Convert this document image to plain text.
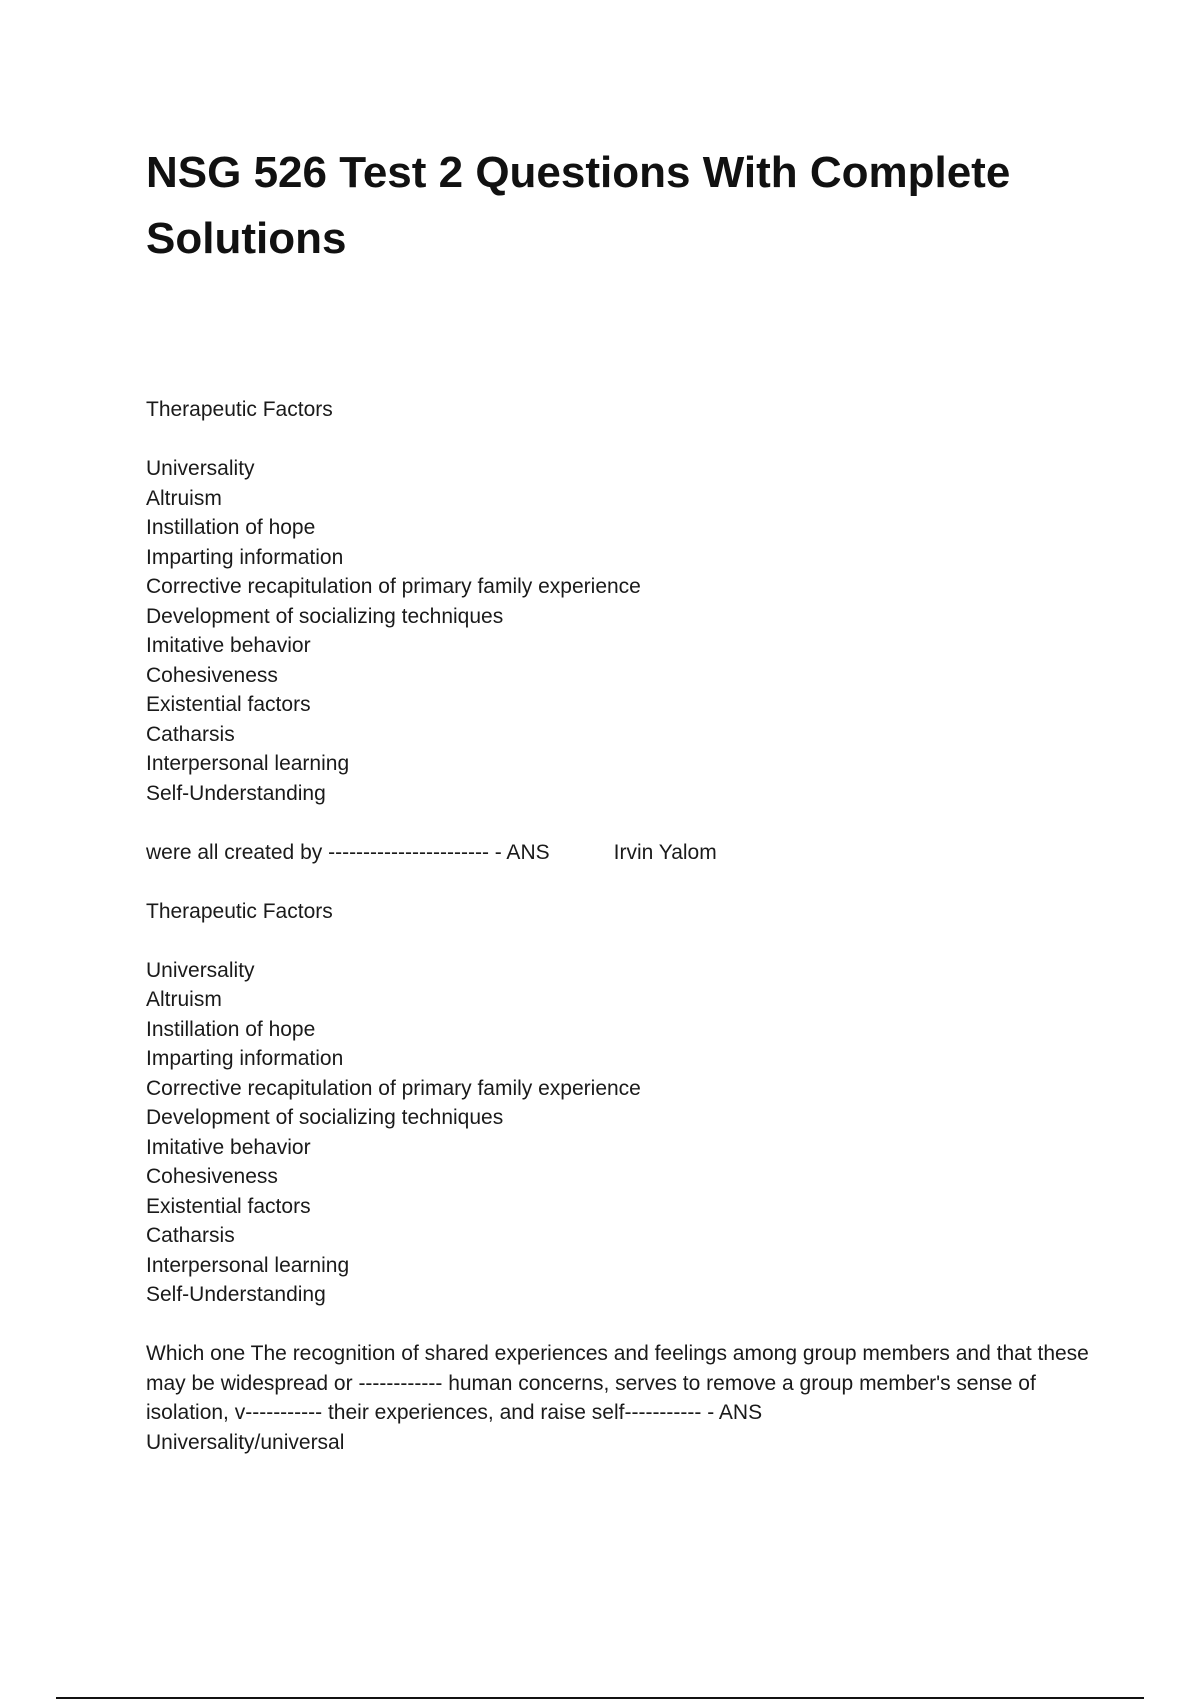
NSG 526 Test 2 Questions With Complete Solutions
Therapeutic Factors
Universality
Altruism
Instillation of hope
Imparting information
Corrective recapitulation of primary family experience
Development of socializing techniques
Imitative behavior
Cohesiveness
Existential factors
Catharsis
Interpersonal learning
Self-Understanding
were all created by ----------------------- - ANS	Irvin Yalom
Therapeutic Factors
Universality
Altruism
Instillation of hope
Imparting information
Corrective recapitulation of primary family experience
Development of socializing techniques
Imitative behavior
Cohesiveness
Existential factors
Catharsis
Interpersonal learning
Self-Understanding
Which one The recognition of shared experiences and feelings among group members and that these may be widespread or ------------ human concerns, serves to remove a group member's sense of isolation, v----------- their experiences, and raise self----------- - ANS
Universality/universal
